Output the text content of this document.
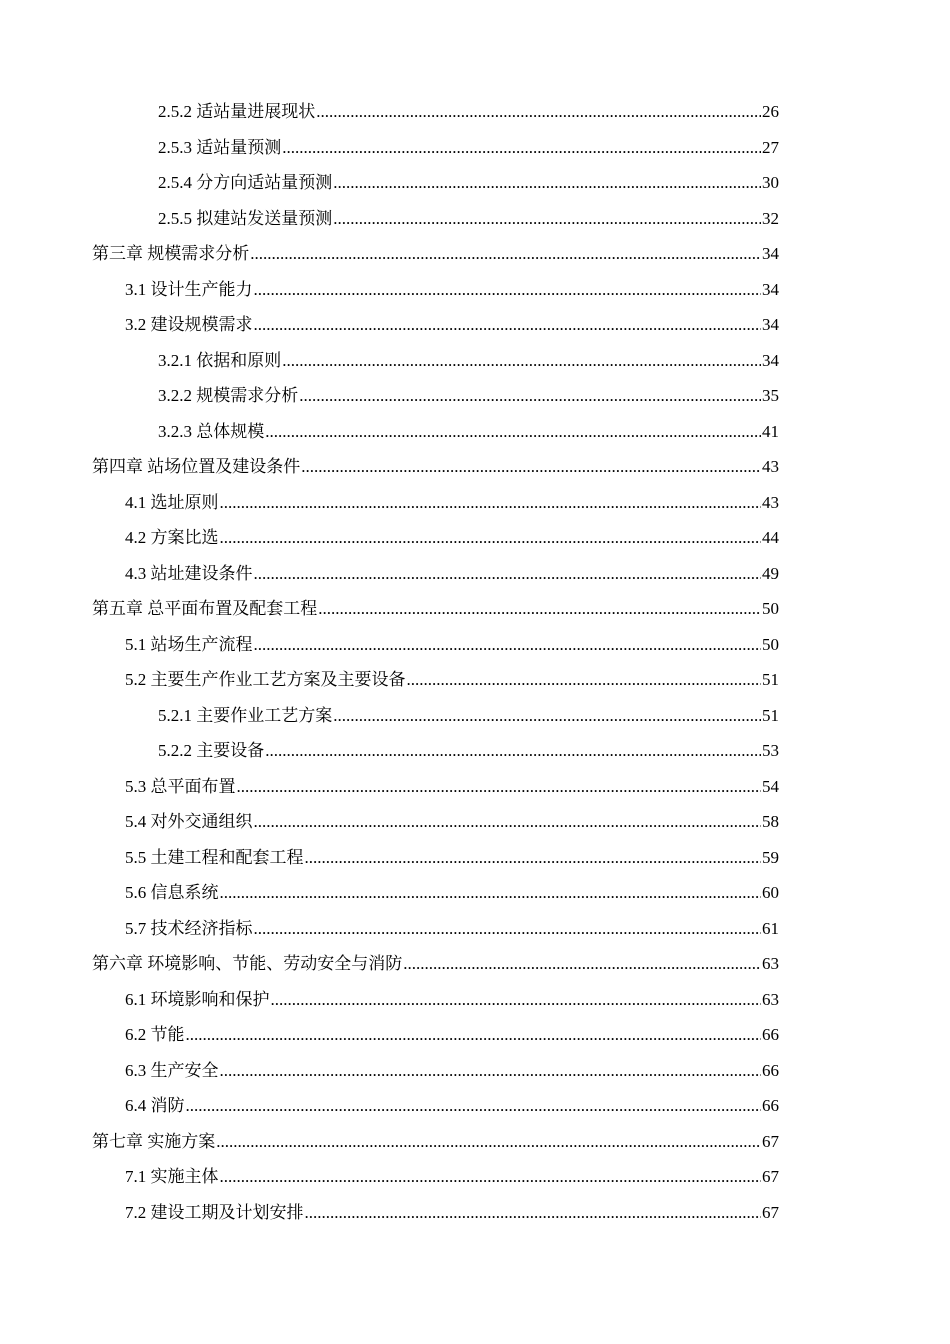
2.5.2 适站量进展现状 .....	26
2.5.3 适站量预测 .....	27
2.5.4 分方向适站量预测 .....	30
2.5.5 拟建站发送量预测 .....	32
第三章 规模需求分析 .....	34
3.1 设计生产能力 .....	34
3.2 建设规模需求 .....	34
3.2.1 依据和原则 .....	34
3.2.2 规模需求分析 .....	35
3.2.3 总体规模 .....	41
第四章 站场位置及建设条件 .....	43
4.1 选址原则 .....	43
4.2 方案比选 .....	44
4.3 站址建设条件 .....	49
第五章 总平面布置及配套工程 .....	50
5.1 站场生产流程 .....	50
5.2 主要生产作业工艺方案及主要设备 .....	51
5.2.1 主要作业工艺方案 .....	51
5.2.2 主要设备 .....	53
5.3 总平面布置 .....	54
5.4 对外交通组织 .....	58
5.5 土建工程和配套工程 .....	59
5.6 信息系统 .....	60
5.7 技术经济指标 .....	61
第六章 环境影响、节能、劳动安全与消防 .....	63
6.1 环境影响和保护 .....	63
6.2 节能 .....	66
6.3 生产安全 .....	66
6.4 消防 .....	66
第七章 实施方案 .....	67
7.1 实施主体 .....	67
7.2 建设工期及计划安排 .....	67
